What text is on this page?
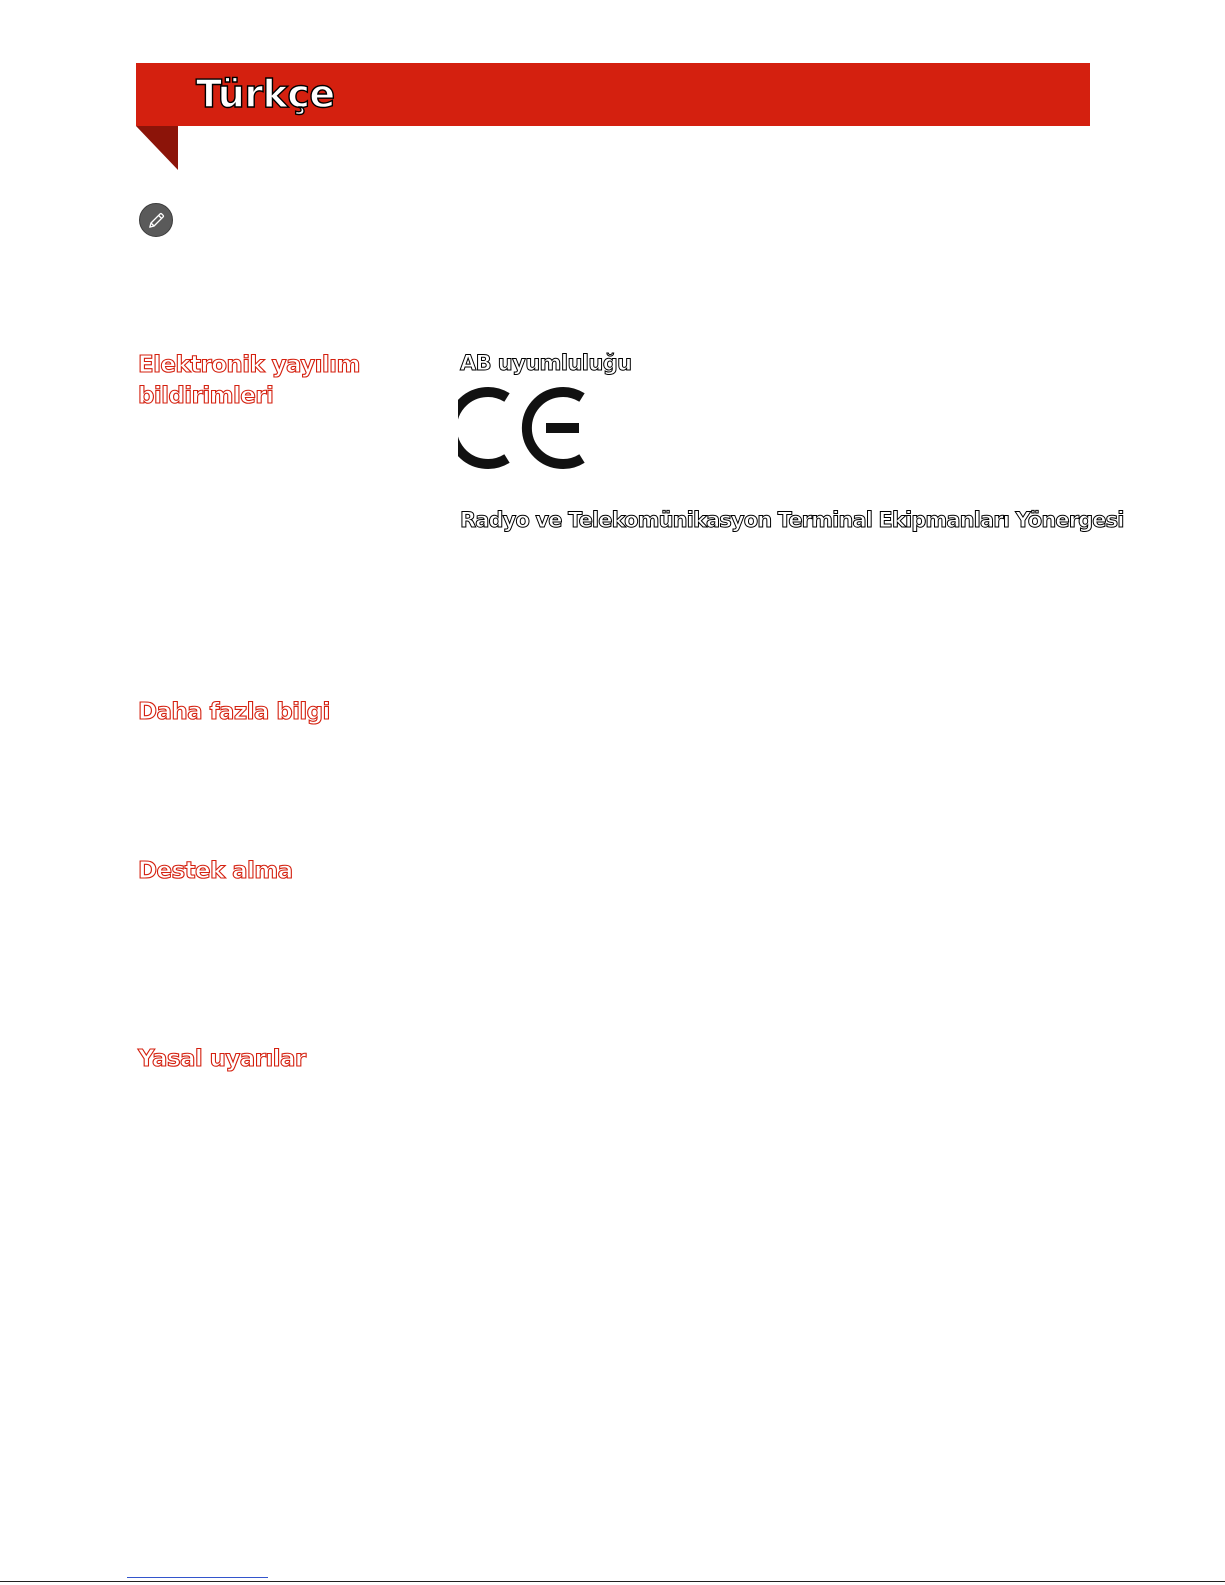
Türkçe
Elektronik yayılım bildirimleri
Daha fazla bilgi
Destek alma
Yasal uyarılar
AB uyumluluğu
Radyo ve Telekomünikasyon Terminal Ekipmanları Yönergesi
